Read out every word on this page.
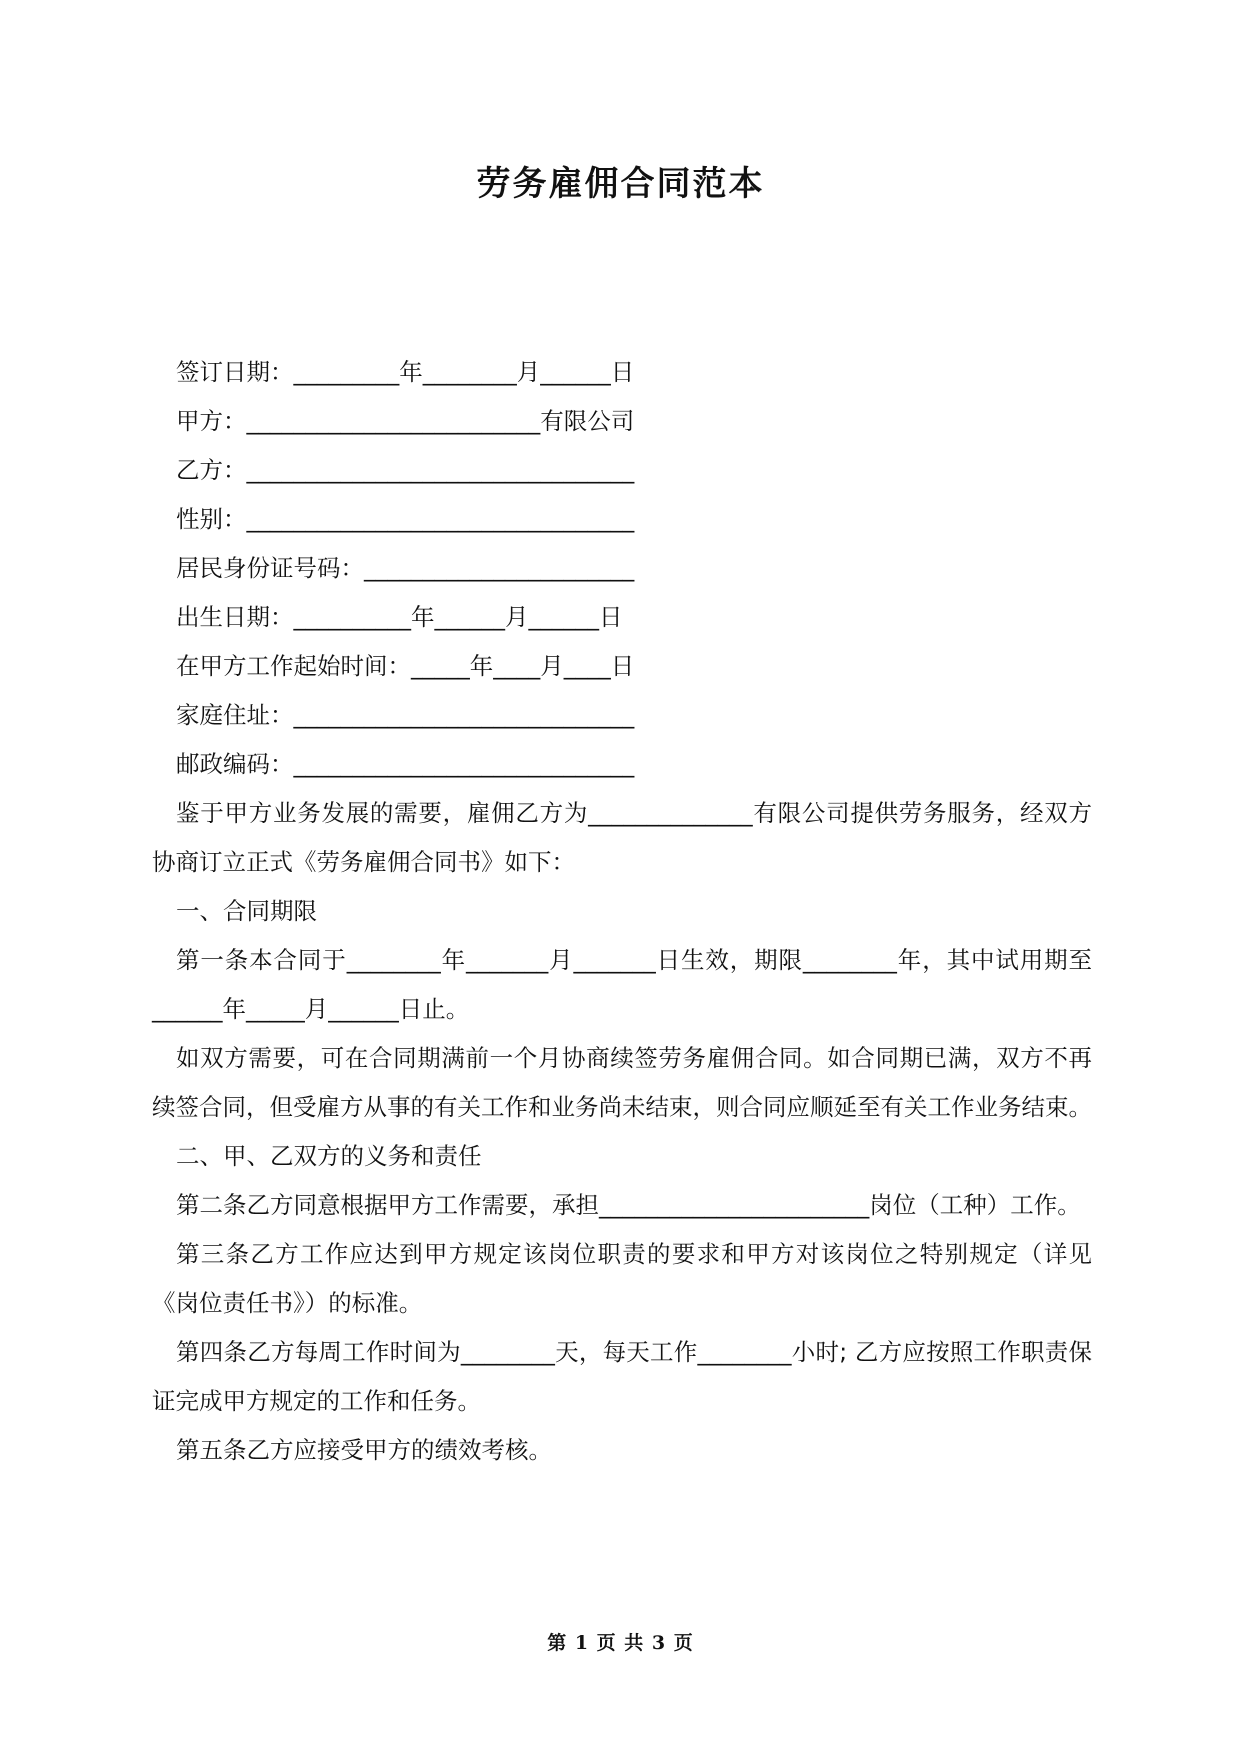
劳务雇佣合同范本
签订日期：_________年________月______日
甲方：_________________________有限公司
乙方：_________________________________
性别：_________________________________
居民身份证号码：_______________________
出生日期：__________年______月______日
在甲方工作起始时间：_____年____月____日
家庭住址：_____________________________
邮政编码：_____________________________
鉴于甲方业务发展的需要，雇佣乙方为______________有限公司提供劳务服务，经双方协商订立正式《劳务雇佣合同书》如下：
一、合同期限
第一条本合同于________年_______月_______日生效，期限________年，其中试用期至______年_____月______日止。
如双方需要，可在合同期满前一个月协商续签劳务雇佣合同。如合同期已满，双方不再续签合同，但受雇方从事的有关工作和业务尚未结束，则合同应顺延至有关工作业务结束。
二、甲、乙双方的义务和责任
第二条乙方同意根据甲方工作需要，承担_______________________岗位（工种）工作。
第三条乙方工作应达到甲方规定该岗位职责的要求和甲方对该岗位之特别规定（详见《岗位责任书》）的标准。
第四条乙方每周工作时间为________天，每天工作________小时; 乙方应按照工作职责保证完成甲方规定的工作和任务。
第五条乙方应接受甲方的绩效考核。
第 1 页 共 3 页
